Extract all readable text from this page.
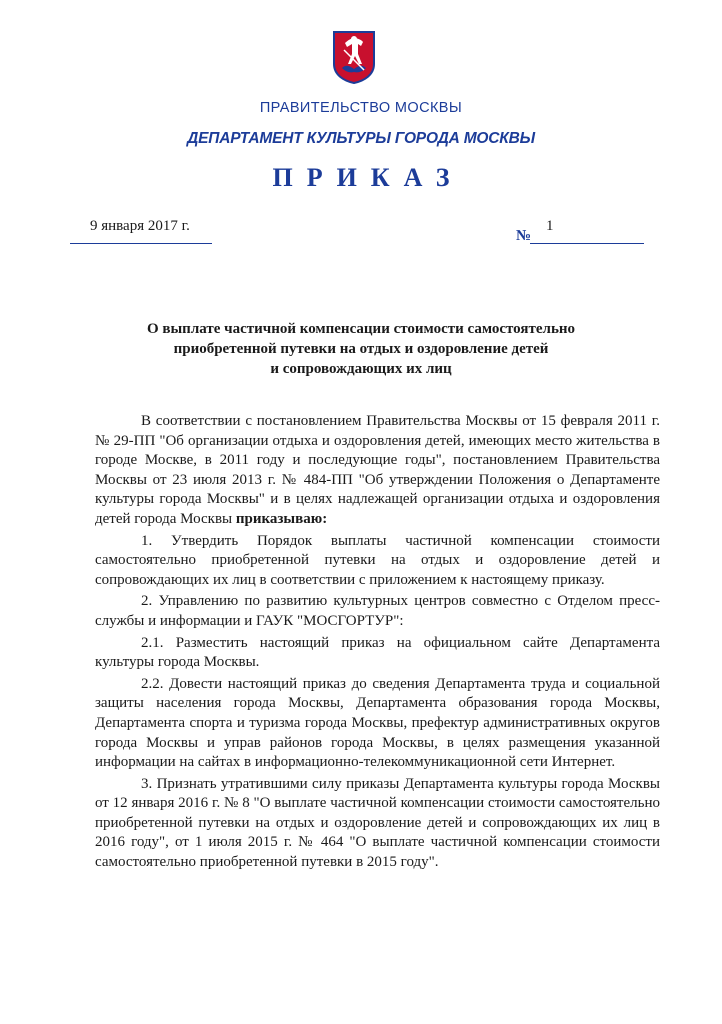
ПРАВИТЕЛЬСТВО МОСКВЫ
ДЕПАРТАМЕНТ КУЛЬТУРЫ ГОРОДА МОСКВЫ
ПРИКАЗ
9 января 2017 г.
№
1
О выплате частичной компенсации стоимости самостоятельно
приобретенной путевки на отдых и оздоровление детей
и сопровождающих их лиц

В соответствии с постановлением Правительства Москвы от 15 февраля 2011 г. № 29-ПП "Об организации отдыха и оздоровления детей, имеющих место жительства в городе Москве, в 2011 году и последующие годы", постановлением Правительства Москвы от 23 июля 2013 г. № 484-ПП "Об утверждении Положения о Департаменте культуры города Москвы" и в целях надлежащей организации отдыха и оздоровления детей города Москвы приказываю:

1. Утвердить Порядок выплаты частичной компенсации стоимости самостоятельно приобретенной путевки на отдых и оздоровление детей и сопровождающих их лиц в соответствии с приложением к настоящему приказу.

2. Управлению по развитию культурных центров совместно с Отделом пресс-службы и информации и ГАУК "МОСГОРТУР":

2.1. Разместить настоящий приказ на официальном сайте Департамента культуры города Москвы.

2.2. Довести настоящий приказ до сведения Департамента труда и социальной защиты населения города Москвы, Департамента образования города Москвы, Департамента спорта и туризма города Москвы, префектур административных округов города Москвы и управ районов города Москвы, в целях размещения указанной информации на сайтах в информационно-телекоммуникационной сети Интернет.

3. Признать утратившими силу приказы Департамента культуры города Москвы от 12 января 2016 г. № 8 "О выплате частичной компенсации стоимости самостоятельно приобретенной путевки на отдых и оздоровление детей и сопровождающих их лиц в 2016 году", от 1 июля 2015 г. № 464 "О выплате частичной компенсации стоимости самостоятельно приобретенной путевки в 2015 году".
